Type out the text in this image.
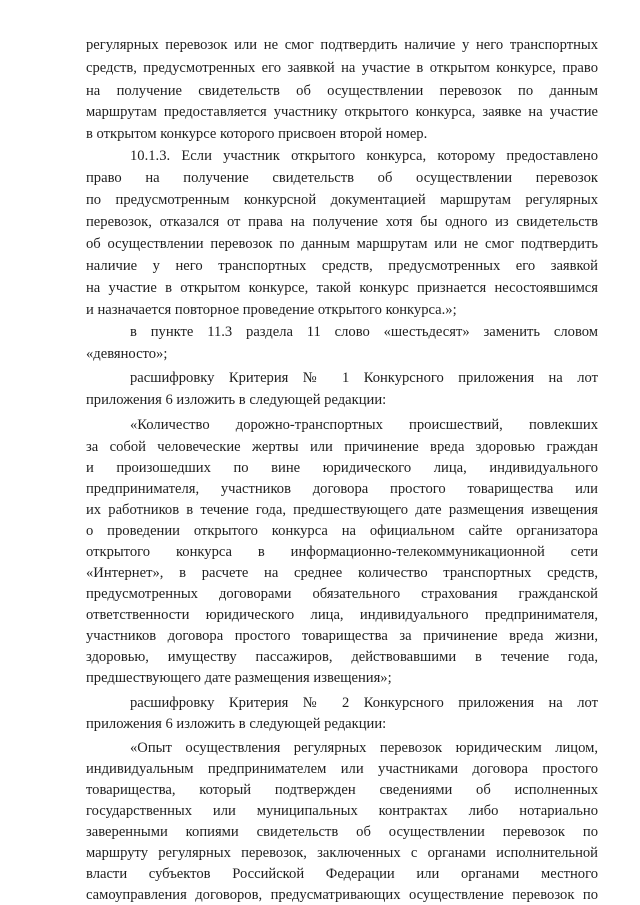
регулярных перевозок или не смог подтвердить наличие у него транспортных
средств, предусмотренных его заявкой на участие в открытом конкурсе, право
на получение свидетельств об осуществлении перевозок по данным
маршрутам предоставляется участнику открытого конкурса, заявке на участие
в открытом конкурсе которого присвоен второй номер.
10.1.3. Если участник открытого конкурса, которому предоставлено
право на получение свидетельств об осуществлении перевозок
по предусмотренным конкурсной документацией маршрутам регулярных
перевозок, отказался от права на получение хотя бы одного из свидетельств
об осуществлении перевозок по данным маршрутам или не смог подтвердить
наличие у него транспортных средств, предусмотренных его заявкой
на участие в открытом конкурсе, такой конкурс признается несостоявшимся
и назначается повторное проведение открытого конкурса.»;
в пункте 11.3 раздела 11 слово «шестьдесят» заменить словом
«девяносто»;
расшифровку Критерия № 1 Конкурсного приложения на лот
приложения 6 изложить в следующей редакции:
«Количество дорожно-транспортных происшествий, повлекших
за собой человеческие жертвы или причинение вреда здоровью граждан
и произошедших по вине юридического лица, индивидуального
предпринимателя, участников договора простого товарищества или
их работников в течение года, предшествующего дате размещения извещения
о проведении открытого конкурса на официальном сайте организатора
открытого конкурса в информационно-телекоммуникационной сети
«Интернет», в расчете на среднее количество транспортных средств,
предусмотренных договорами обязательного страхования гражданской
ответственности юридического лица, индивидуального предпринимателя,
участников договора простого товарищества за причинение вреда жизни,
здоровью, имуществу пассажиров, действовавшими в течение года,
предшествующего дате размещения извещения»;
расшифровку Критерия № 2 Конкурсного приложения на лот
приложения 6 изложить в следующей редакции:
«Опыт осуществления регулярных перевозок юридическим лицом,
индивидуальным предпринимателем или участниками договора простого
товарищества, который подтвержден сведениями об исполненных
государственных или муниципальных контрактах либо нотариально
заверенными копиями свидетельств об осуществлении перевозок по
маршруту регулярных перевозок, заключенных с органами исполнительной
власти субъектов Российской Федерации или органами местного
самоуправления договоров, предусматривающих осуществление перевозок по
